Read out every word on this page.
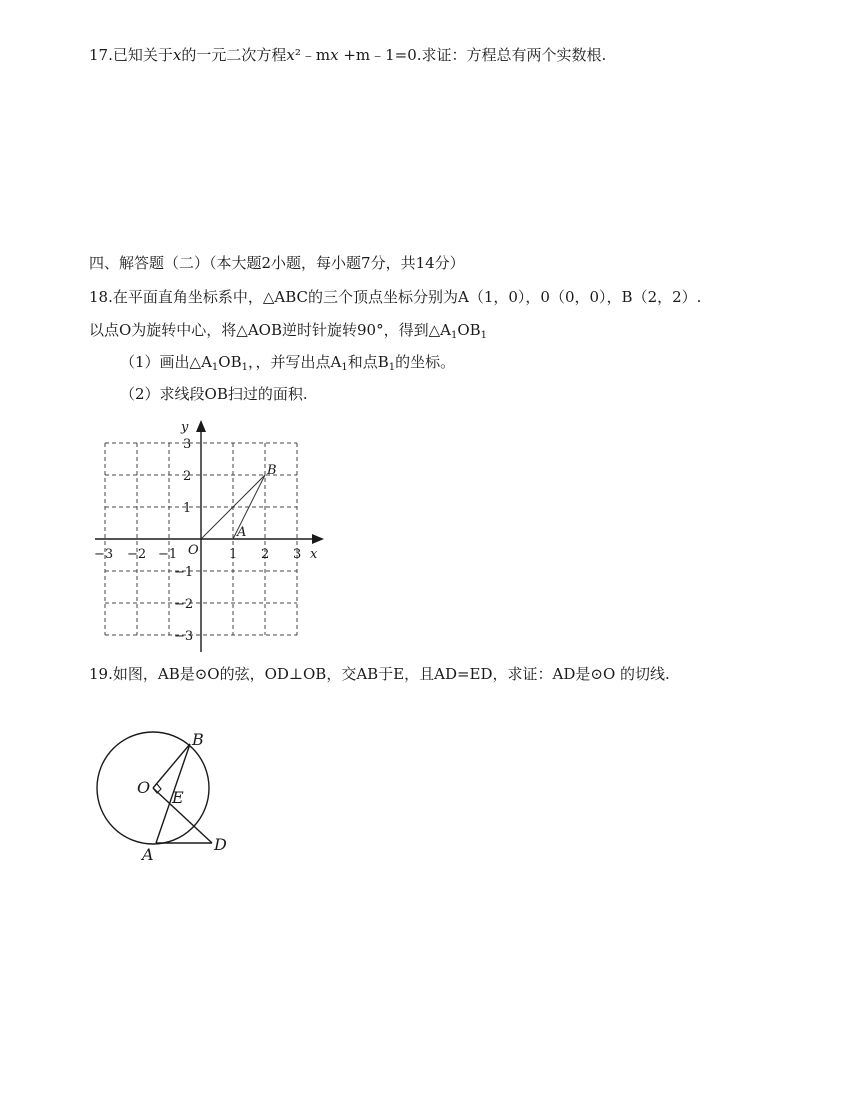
17.已知关于x的一元二次方程x²﹣mx +m﹣1=0.求证：方程总有两个实数根.
四、解答题（二）（本大题2小题，每小题7分，共14分）
18.在平面直角坐标系中，△ABC的三个顶点坐标分别为A（1，0），0（0，0），B（2，2）.
以点O为旋转中心，将△AOB逆时针旋转90°，得到$\triangle A_1OB_1$
（1）画出$\triangle A_1OB_1$，，并写出点$A_1$和点$B_1$的坐标。
（2）求线段OB扫过的面积.
−3 −2 −1	1 2 3
3
2
1
−1
−2
−3
x
y
O
A
B
19.如图，AB是⊙O的弦，OD⊥OB，交AB于E，且AD=ED，求证：AD是⊙O 的切线.
O
E
B
A
D
